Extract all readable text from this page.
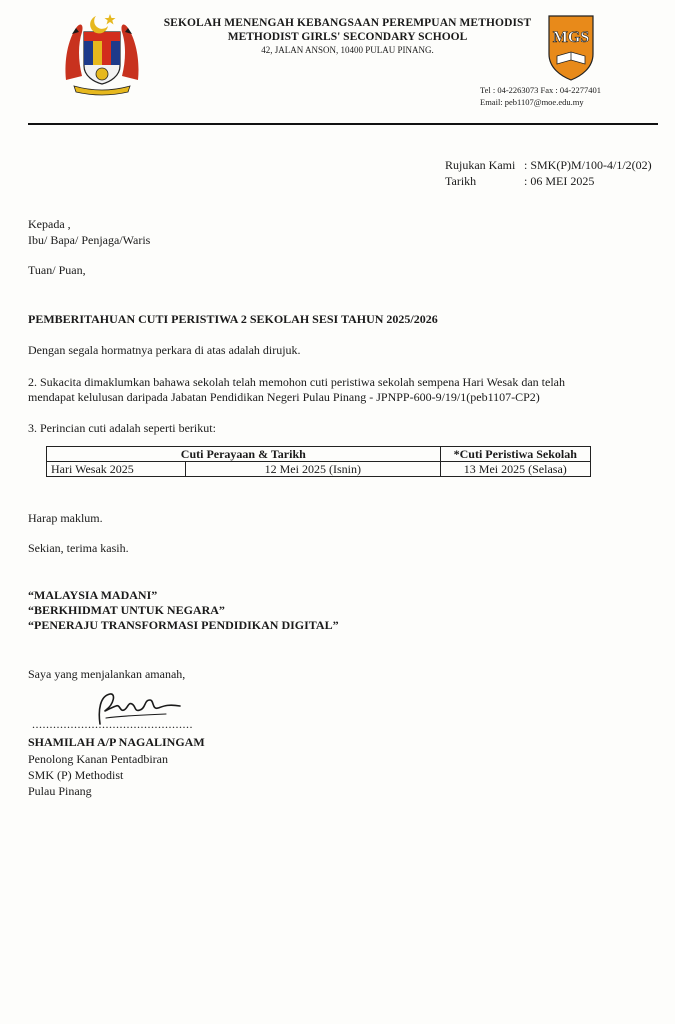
SEKOLAH MENENGAH KEBANGSAAN PEREMPUAN METHODIST
METHODIST GIRLS' SECONDARY SCHOOL
42, JALAN ANSON, 10400 PULAU PINANG.
MGS
Tel : 04-2263073 Fax : 04-2277401
Email: peb1107@moe.edu.my
Rujukan Kami : SMK(P)M/100-4/1/2(02)
Tarikh	: 06 MEI 2025
Kepada ,
Ibu/ Bapa/ Penjaga/Waris
Tuan/ Puan,
PEMBERITAHUAN CUTI PERISTIWA 2 SEKOLAH SESI TAHUN 2025/2026
Dengan segala hormatnya perkara di atas adalah dirujuk.
2. Sukacita dimaklumkan bahawa sekolah telah memohon cuti peristiwa sekolah sempena Hari Wesak dan telah
mendapat kelulusan daripada Jabatan Pendidikan Negeri Pulau Pinang - JPNPP-600-9/19/1(peb1107-CP2)
3. Perincian cuti adalah seperti berikut:
Cuti Perayaan & Tarikh		*Cuti Peristiwa Sekolah
Hari Wesak 2025	12 Mei 2025 (Isnin)	13 Mei 2025 (Selasa)
Harap maklum.
Sekian, terima kasih.
“MALAYSIA MADANI”
“BERKHIDMAT UNTUK NEGARA”
“PENERAJU TRANSFORMASI PENDIDIKAN DIGITAL”
Saya yang menjalankan amanah,
..............................................
SHAMILAH A/P NAGALINGAM
Penolong Kanan Pentadbiran
SMK (P) Methodist
Pulau Pinang
